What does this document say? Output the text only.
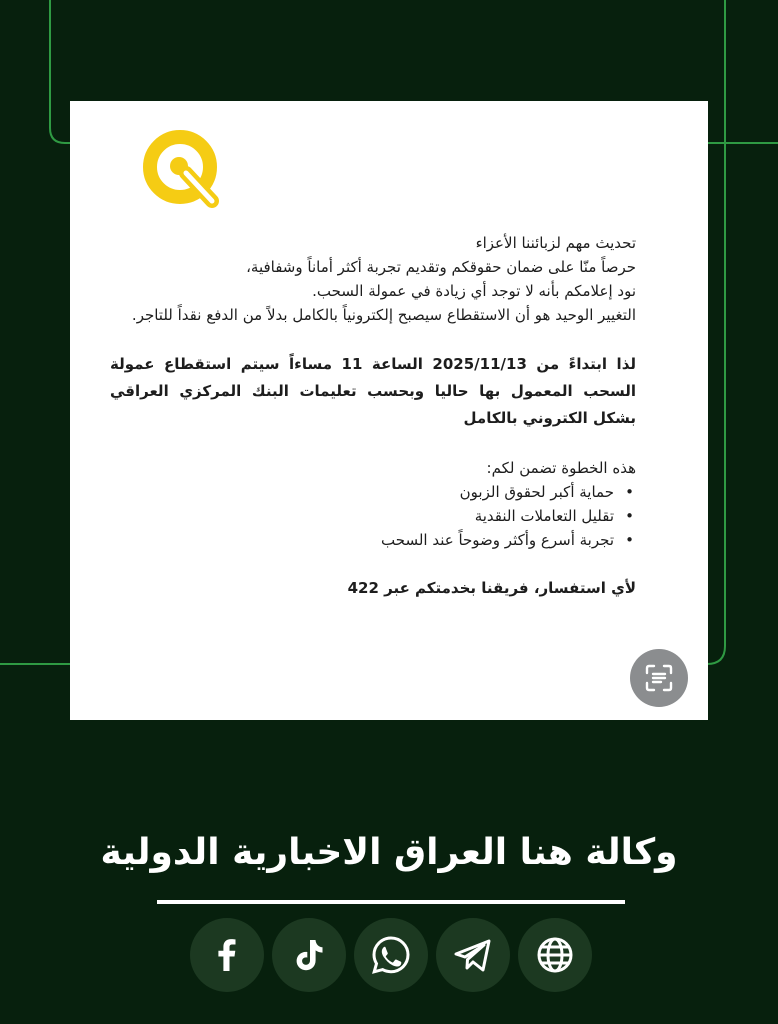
تحديث مهم لزبائننا الأعزاء

حرصاً منّا على ضمان حقوقكم وتقديم تجربة أكثر أماناً وشفافية،

نود إعلامكم بأنه لا توجد أي زيادة في عمولة السحب.

التغيير الوحيد هو أن الاستقطاع سيصبح إلكترونياً بالكامل بدلاً من الدفع نقداً للتاجر.

لذا ابتداءً من 2025/11/13 الساعة 11 مساءاً سيتم استقطاع عمولة السحب المعمول بها حاليا وبحسب تعليمات البنك المركزي العراقي بشكل الكتروني بالكامل

هذه الخطوة تضمن لكم:

• حماية أكبر لحقوق الزبون
• تقليل التعاملات النقدية
• تجربة أسرع وأكثر وضوحاً عند السحب

لأي استفسار، فريقنا بخدمتكم عبر 422

وكالة هنا العراق الاخبارية الدولية
